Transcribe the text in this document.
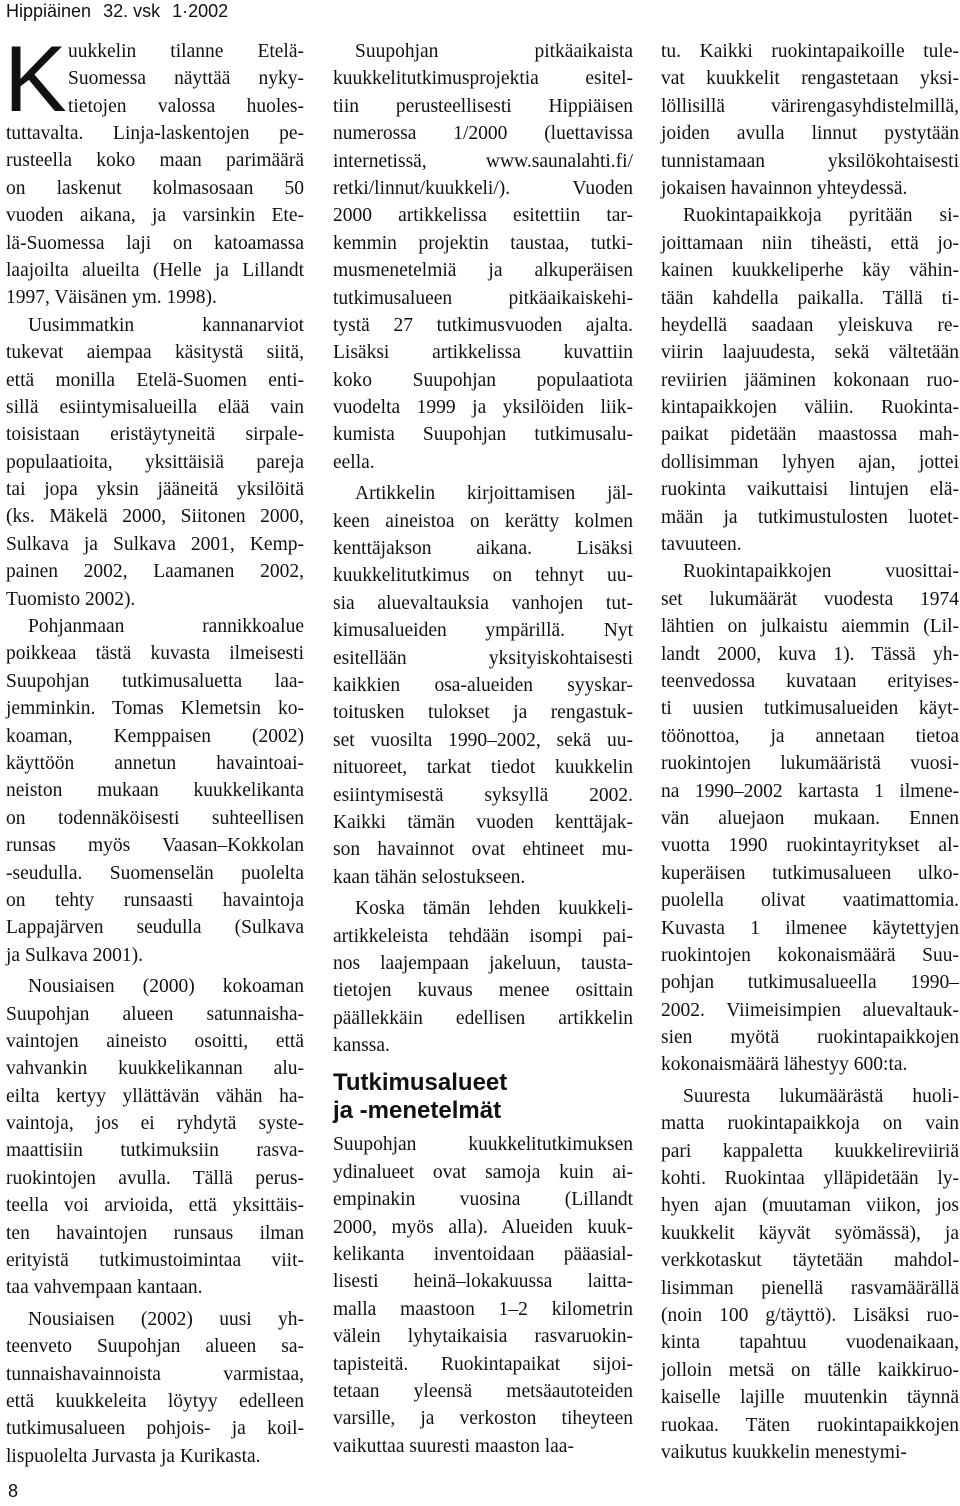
Hippiäinen 32. vsk 1·2002
K uukkelin tilanne Etelä-
Suomessa näyttää nyky-
tietojen valossa huoles-
tuttavalta. Linja-laskentojen pe-
rusteella koko maan parimäärä
on laskenut kolmasosaan 50
vuoden aikana, ja varsinkin Ete-
lä-Suomessa laji on katoamassa
laajoilta alueilta (Helle ja Lillandt
1997, Väisänen ym. 1998).
Uusimmatkin kannanarviot
tukevat aiempaa käsitystä siitä,
että monilla Etelä-Suomen enti-
sillä esiintymisalueilla elää vain
toisistaan eristäytyneitä sirpale-
populaatioita, yksittäisiä pareja
tai jopa yksin jääneitä yksilöitä
(ks. Mäkelä 2000, Siitonen 2000,
Sulkava ja Sulkava 2001, Kemp-
painen 2002, Laamanen 2002,
Tuomisto 2002).
Pohjanmaan rannikkoalue
poikkeaa tästä kuvasta ilmeisesti
Suupohjan tutkimusaluetta laa-
jemminkin. Tomas Klemetsin ko-
koaman, Kemppaisen (2002)
käyttöön annetun havaintoai-
neiston mukaan kuukkelikanta
on todennäköisesti suhteellisen
runsas myös Vaasan–Kokkolan
-seudulla. Suomenselän puolelta
on tehty runsaasti havaintoja
Lappajärven seudulla (Sulkava
ja Sulkava 2001).
Nousiaisen (2000) kokoaman
Suupohjan alueen satunnaisha-
vaintojen aineisto osoitti, että
vahvankin kuukkelikannan alu-
eilta kertyy yllättävän vähän ha-
vaintoja, jos ei ryhdytä syste-
maattisiin tutkimuksiin rasva-
ruokintojen avulla. Tällä perus-
teella voi arvioida, että yksittäis-
ten havaintojen runsaus ilman
erityistä tutkimustoimintaa viit-
taa vahvempaan kantaan.
Nousiaisen (2002) uusi yh-
teenveto Suupohjan alueen sa-
tunnaishavainnoista varmistaa,
että kuukkeleita löytyy edelleen
tutkimusalueen pohjois- ja koil-
lispuolelta Jurvasta ja Kurikasta.
Suupohjan pitkäaikaista
kuukkelitutkimusprojektia esitel-
tiin perusteellisesti Hippiäisen
numerossa 1/2000 (luettavissa
internetissä, www.saunalahti.fi/
retki/linnut/kuukkeli/). Vuoden
2000 artikkelissa esitettiin tar-
kemmin projektin taustaa, tutki-
musmenetelmiä ja alkuperäisen
tutkimusalueen pitkäaikaiskehi-
tystä 27 tutkimusvuoden ajalta.
Lisäksi artikkelissa kuvattiin
koko Suupohjan populaatiota
vuodelta 1999 ja yksilöiden liik-
kumista Suupohjan tutkimusalu-
eella.
Artikkelin kirjoittamisen jäl-
keen aineistoa on kerätty kolmen
kenttäjakson aikana. Lisäksi
kuukkelitutkimus on tehnyt uu-
sia aluevaltauksia vanhojen tut-
kimusalueiden ympärillä. Nyt
esitellään yksityiskohtaisesti
kaikkien osa-alueiden syyskar-
toitusken tulokset ja rengastuk-
set vuosilta 1990–2002, sekä uu-
nituoreet, tarkat tiedot kuukkelin
esiintymisestä syksyllä 2002.
Kaikki tämän vuoden kenttäjak-
son havainnot ovat ehtineet mu-
kaan tähän selostukseen.
Koska tämän lehden kuukkeli-
artikkeleista tehdään isompi pai-
nos laajempaan jakeluun, tausta-
tietojen kuvaus menee osittain
päällekkäin edellisen artikkelin
kanssa.
Tutkimusalueet
ja -menetelmät
Suupohjan kuukkelitutkimuksen
ydinalueet ovat samoja kuin ai-
empinakin vuosina (Lillandt
2000, myös alla). Alueiden kuuk-
kelikanta inventoidaan pääasial-
lisesti heinä–lokakuussa laitta-
malla maastoon 1–2 kilometrin
välein lyhytaikaisia rasvaruokin-
tapisteitä. Ruokintapaikat sijoi-
tetaan yleensä metsäautoteiden
varsille, ja verkoston tiheyteen
vaikuttaa suuresti maaston laa-
tu. Kaikki ruokintapaikoille tule-
vat kuukkelit rengastetaan yksi-
löllisillä värirengasyhdistelmillä,
joiden avulla linnut pystytään
tunnistamaan yksilökohtaisesti
jokaisen havainnon yhteydessä.
Ruokintapaikkoja pyritään si-
joittamaan niin tiheästi, että jo-
kainen kuukkeliperhe käy vähin-
tään kahdella paikalla. Tällä ti-
heydellä saadaan yleiskuva re-
viirin laajuudesta, sekä vältetään
reviirien jääminen kokonaan ruo-
kintapaikkojen väliin. Ruokinta-
paikat pidetään maastossa mah-
dollisimman lyhyen ajan, jottei
ruokinta vaikuttaisi lintujen elä-
mään ja tutkimustulosten luotet-
tavuuteen.
Ruokintapaikkojen vuosittai-
set lukumäärät vuodesta 1974
lähtien on julkaistu aiemmin (Lil-
landt 2000, kuva 1). Tässä yh-
teenvedossa kuvataan erityises-
ti uusien tutkimusalueiden käyt-
töönottoa, ja annetaan tietoa
ruokintojen lukumääristä vuosi-
na 1990–2002 kartasta 1 ilmene-
vän aluejaon mukaan. Ennen
vuotta 1990 ruokintayritykset al-
kuperäisen tutkimusalueen ulko-
puolella olivat vaatimattomia.
Kuvasta 1 ilmenee käytettyjen
ruokintojen kokonaismäärä Suu-
pohjan tutkimusalueella 1990–
2002. Viimeisimpien aluevaltauk-
sien myötä ruokintapaikkojen
kokonaismäärä lähestyy 600:ta.
Suuresta lukumäärästä huoli-
matta ruokintapaikkoja on vain
pari kappaletta kuukkelireviiriä
kohti. Ruokintaa ylläpidetään ly-
hyen ajan (muutaman viikon, jos
kuukkelit käyvät syömässä), ja
verkkotaskut täytetään mahdol-
lisimman pienellä rasvamäärällä
(noin 100 g/täyttö). Lisäksi ruo-
kinta tapahtuu vuodenaikaan,
jolloin metsä on tälle kaikkiruo-
kaiselle lajille muutenkin täynnä
ruokaa. Täten ruokintapaikkojen
vaikutus kuukkelin menestymi-
8
